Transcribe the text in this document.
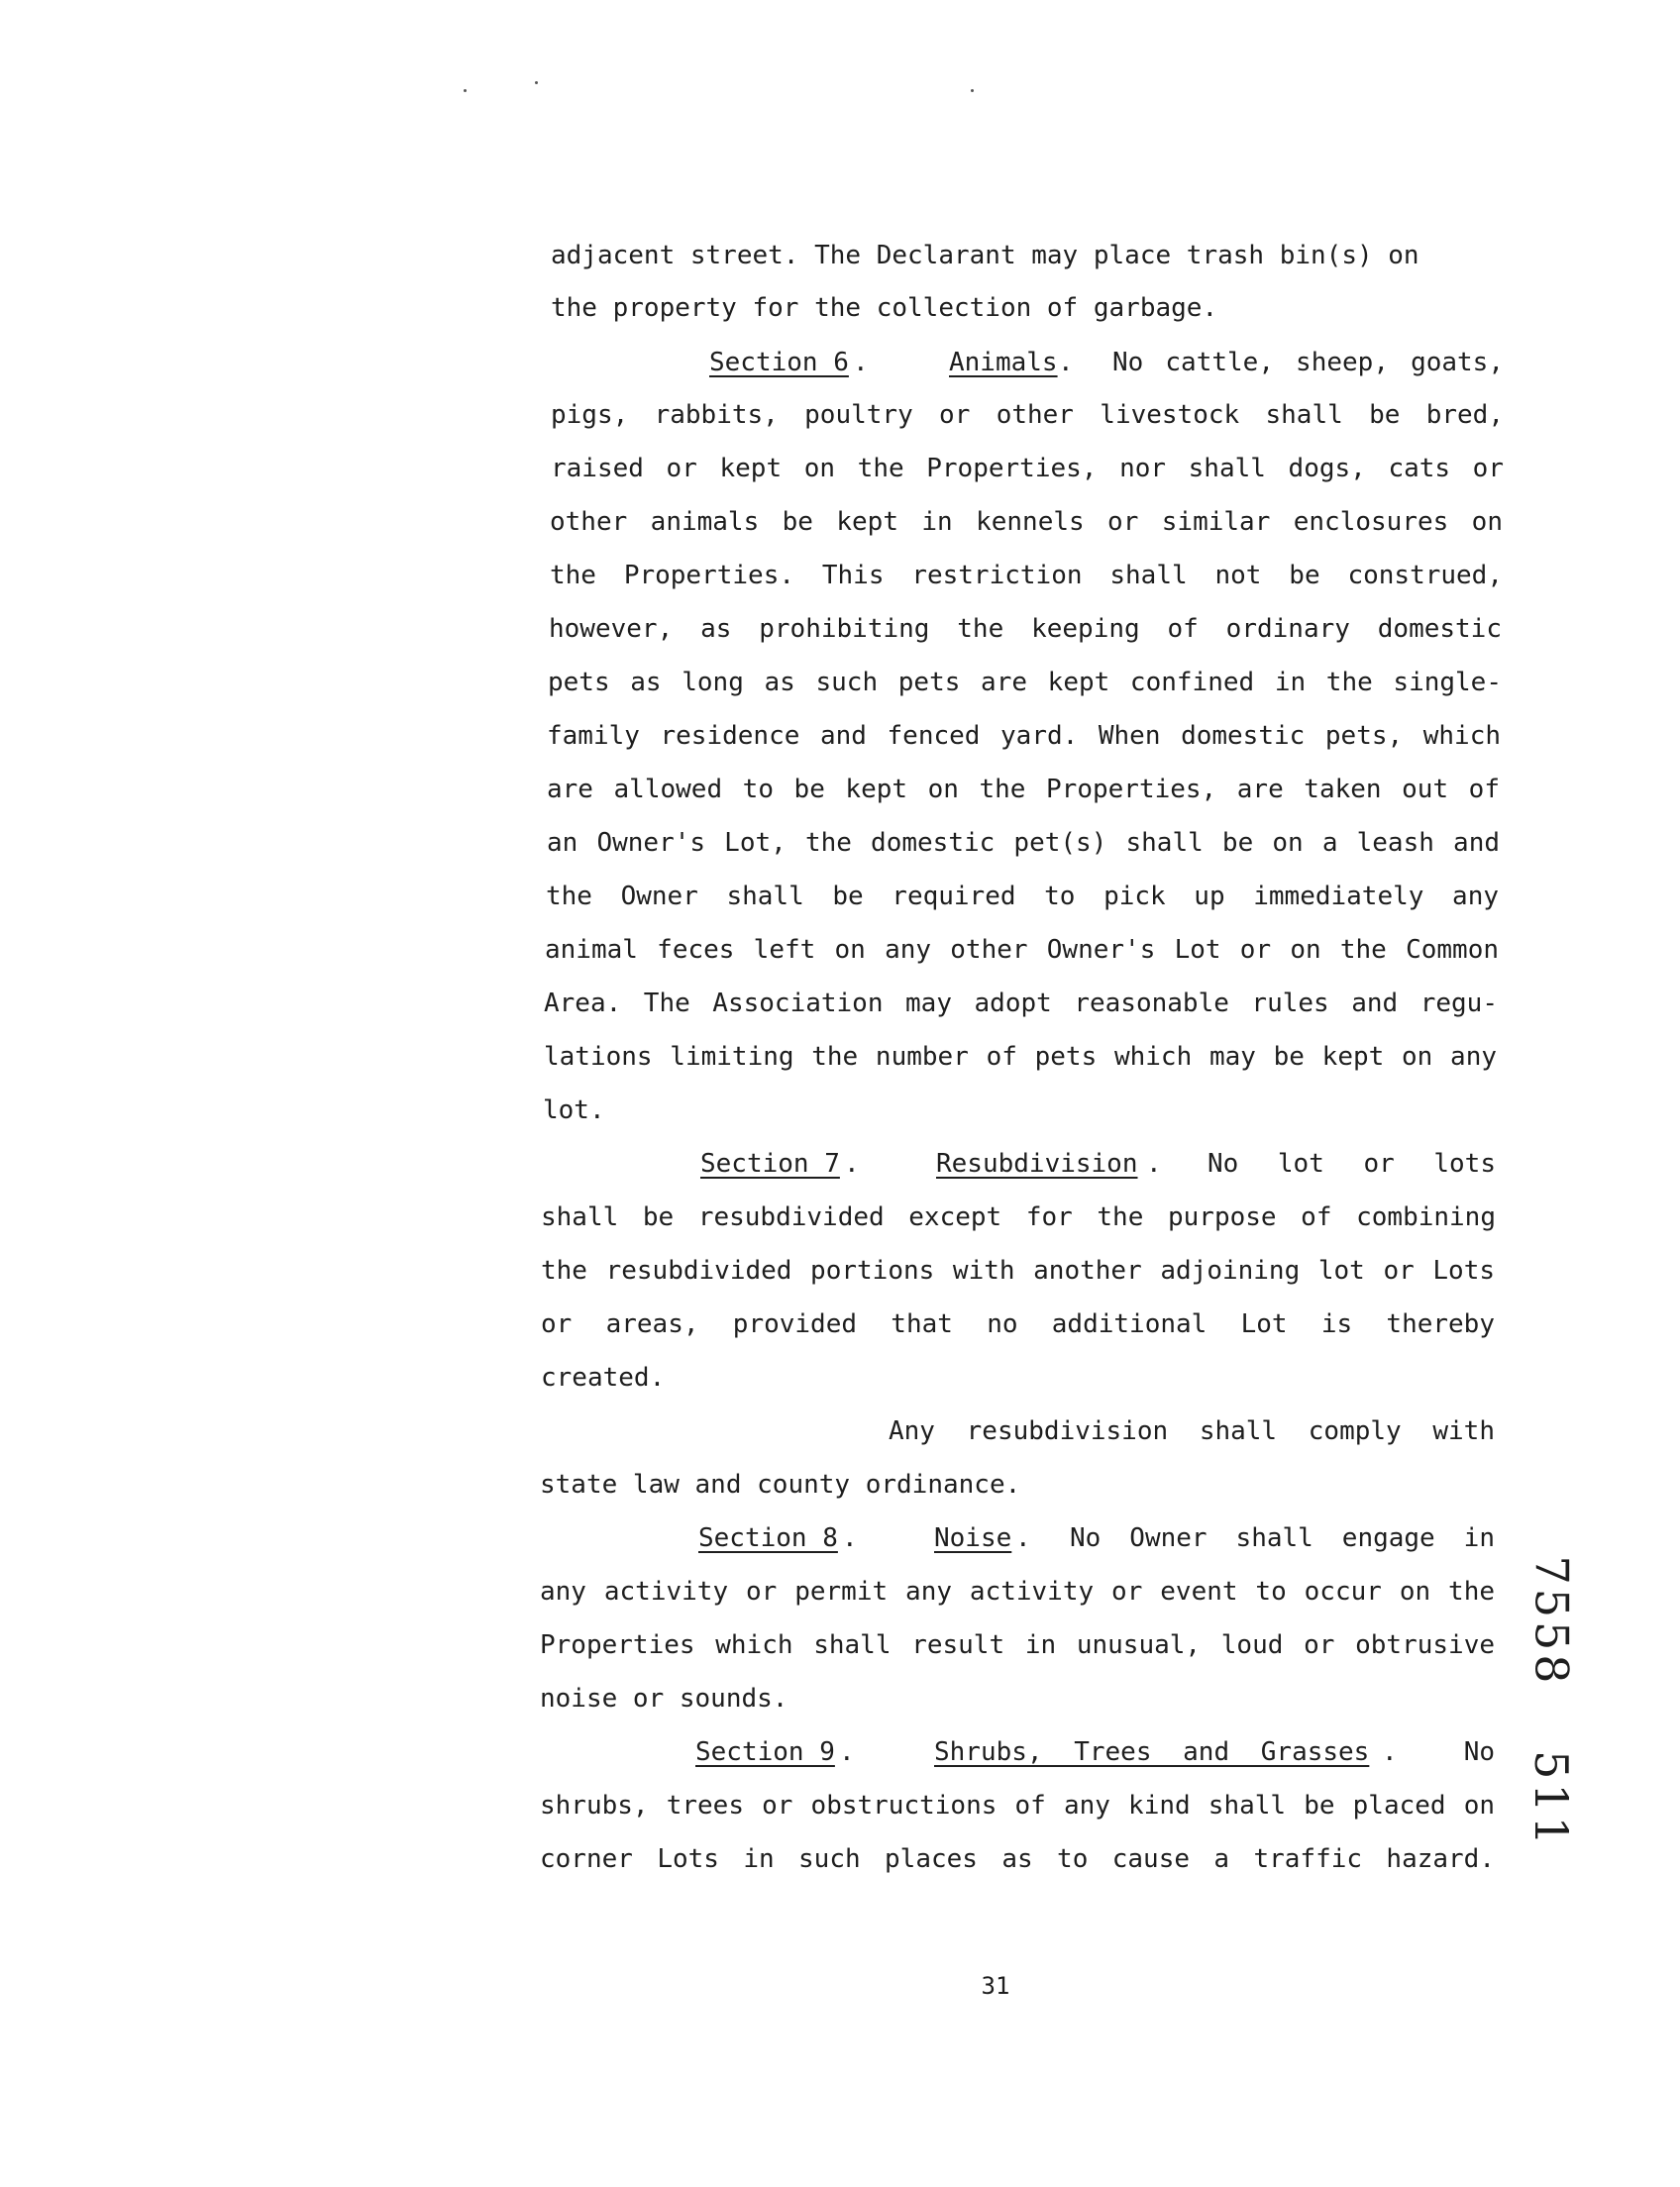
adjacent street. The Declarant may place trash bin(s) on
the property for the collection of garbage.
Section 6 .	Animals . No cattle, sheep, goats,
pigs, rabbits, poultry or other livestock shall be bred,
raised or kept on the Properties, nor shall dogs, cats or
other animals be kept in kennels or similar enclosures on
the Properties. This restriction shall not be construed,
however, as prohibiting the keeping of ordinary domestic
pets as long as such pets are kept confined in the single-
family residence and fenced yard. When domestic pets, which
are allowed to be kept on the Properties, are taken out of
an Owner's Lot, the domestic pet(s) shall be on a leash and
the Owner shall be required to pick up immediately any
animal feces left on any other Owner's Lot or on the Common
Area. The Association may adopt reasonable rules and regu-
lations limiting the number of pets which may be kept on any
lot.
Section 7 .	Resubdivision . No lot or lots
shall be resubdivided except for the purpose of combining
the resubdivided portions with another adjoining lot or Lots
or areas, provided that no additional Lot is thereby
created.
Any resubdivision shall comply with
state law and county ordinance.
Section 8 .	Noise . No Owner shall engage in
any activity or permit any activity or event to occur on the
Properties which shall result in unusual, loud or obtrusive
noise or sounds.
Section 9 .	Shrubs, Trees and Grasses .	No
shrubs, trees or obstructions of any kind shall be placed on
corner Lots in such places as to cause a traffic hazard.
31
7558
511
